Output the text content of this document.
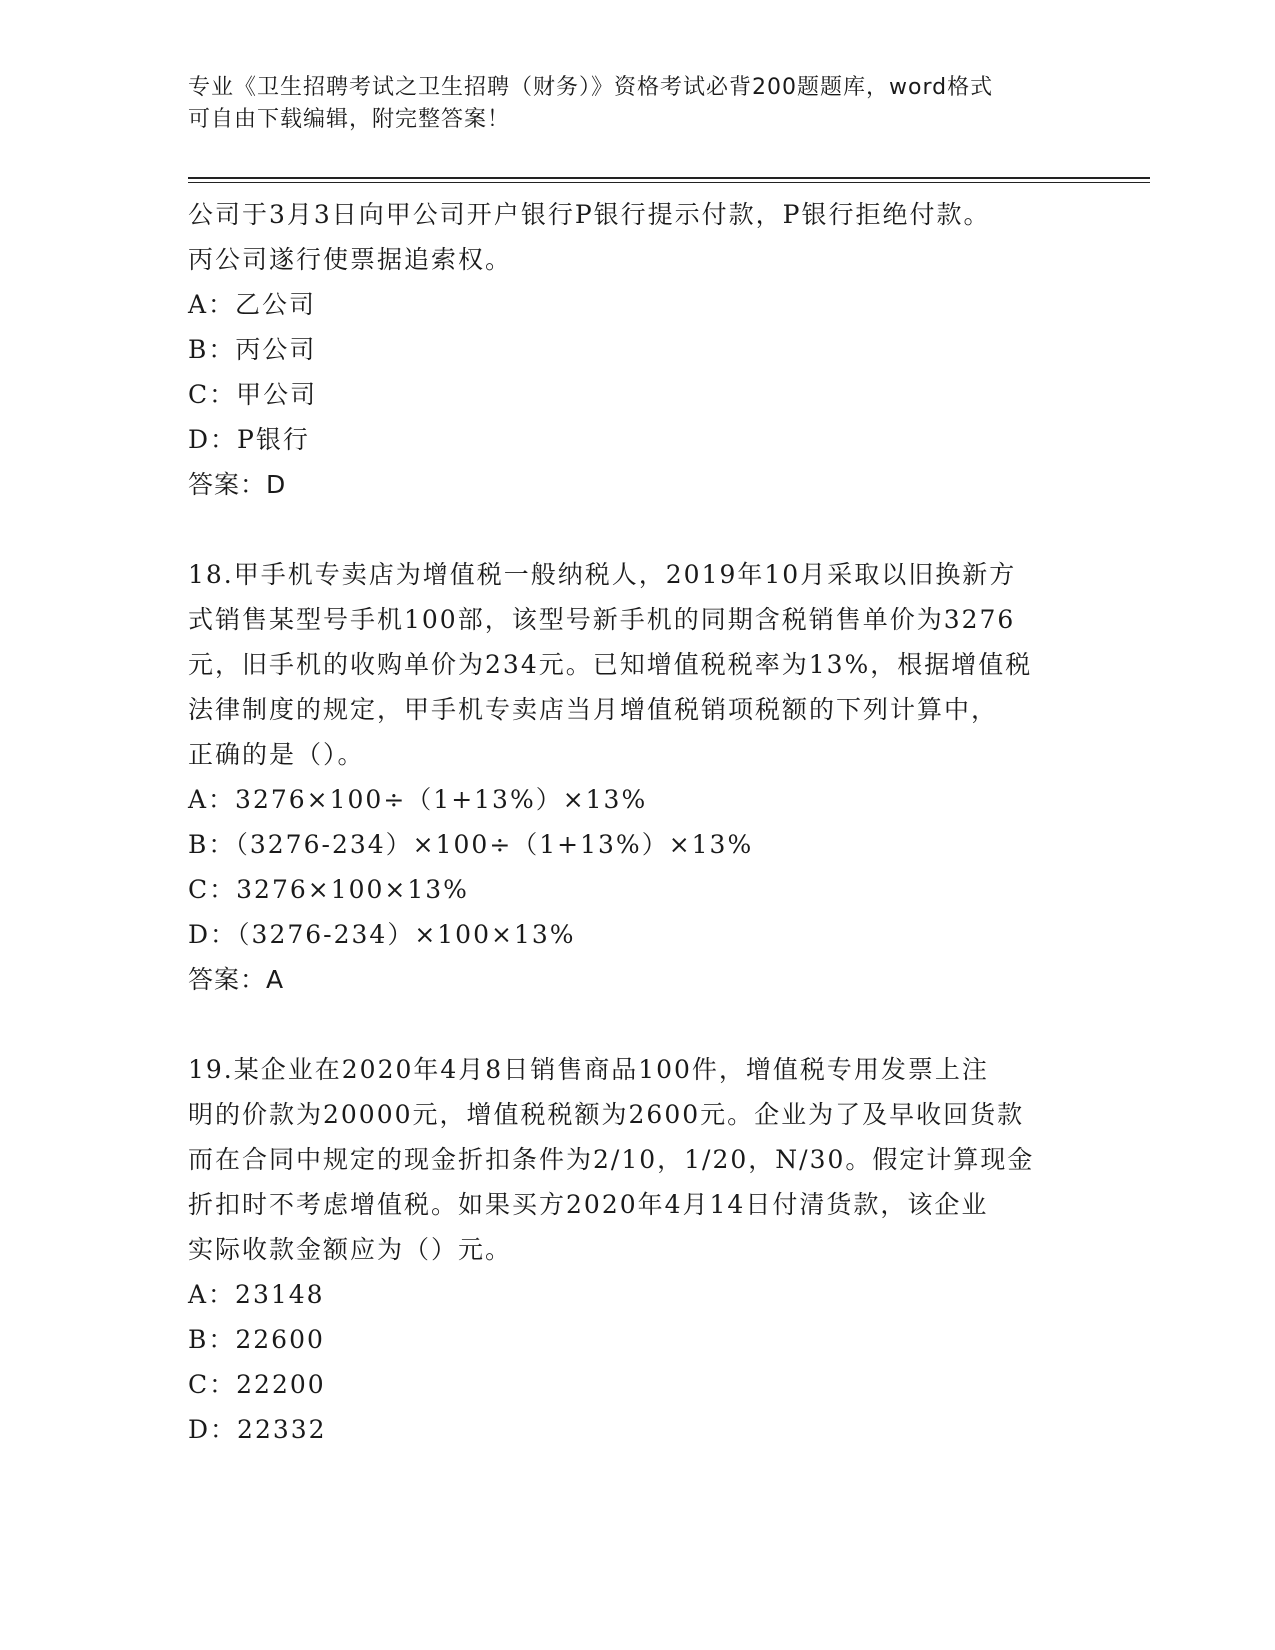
专业《卫生招聘考试之卫生招聘（财务）》资格考试必背200题题库，word格式
可自由下载编辑，附完整答案！
公司于3月3日向甲公司开户银行P银行提示付款，P银行拒绝付款。
丙公司遂行使票据追索权。
A：乙公司
B：丙公司
C：甲公司
D：P银行
答案：D
18.甲手机专卖店为增值税一般纳税人，2019年10月采取以旧换新方
式销售某型号手机100部，该型号新手机的同期含税销售单价为3276
元，旧手机的收购单价为234元。已知增值税税率为13%，根据增值税
法律制度的规定，甲手机专卖店当月增值税销项税额的下列计算中，
正确的是（）。
A：3276×100÷（1+13%）×13%
B：（3276-234）×100÷（1+13%）×13%
C：3276×100×13%
D：（3276-234）×100×13%
答案：A
19.某企业在2020年4月8日销售商品100件，增值税专用发票上注
明的价款为20000元，增值税税额为2600元。企业为了及早收回货款
而在合同中规定的现金折扣条件为2/10，1/20，N/30。假定计算现金
折扣时不考虑增值税。如果买方2020年4月14日付清货款，该企业
实际收款金额应为（）元。
A：23148
B：22600
C：22200
D：22332
